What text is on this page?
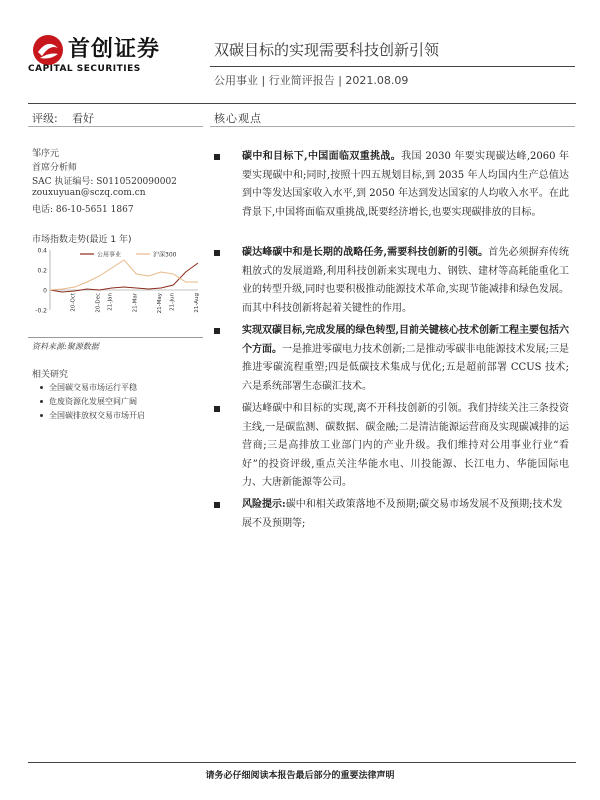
首创证券
CAPITAL SECURITIES
双碳目标的实现需要科技创新引领
公用事业 | 行业简评报告 | 2021.08.09
评级: 看好	核心观点
邹序元
首席分析师
SAC 执证编号: S0110520090002
zouxuyuan@sczq.com.cn
电话: 86-10-5651 1867
市场指数走势(最近 1 年)
0.4
0.2
0
-0.2	20-Oct	20-Dec 21-Jan	21-Mar	21-May 21-Jun	21-Aug
公用事业	沪深300
资料来源:聚源数据
相关研究
全国碳交易市场运行平稳
危废资源化发展空间广阔
全国碳排放权交易市场开启
碳中和目标下,中国面临双重挑战。我国 2030 年要实现碳达峰,2060 年要实现碳中和;同时,按照十四五规划目标,到 2035 年人均国内生产总值达到中等发达国家收入水平,到 2050 年达到发达国家的人均收入水平。在此背景下,中国将面临双重挑战,既要经济增长,也要实现碳排放的目标。
碳达峰碳中和是长期的战略任务,需要科技创新的引领。首先必须摒弃传统粗放式的发展道路,利用科技创新来实现电力、钢铁、建材等高耗能重化工业的转型升级,同时也要积极推动能源技术革命,实现节能减排和绿色发展。而其中科技创新将起着关键性的作用。
实现双碳目标,完成发展的绿色转型,目前关键核心技术创新工程主要包括六个方面。一是推进零碳电力技术创新;二是推动零碳非电能源技术发展;三是推进零碳流程重塑;四是低碳技术集成与优化;五是超前部署 CCUS 技术;六是系统部署生态碳汇技术。
碳达峰碳中和目标的实现,离不开科技创新的引领。我们持续关注三条投资主线,一是碳监测、碳数据、碳金融;二是清洁能源运营商及实现碳减排的运营商;三是高排放工业部门内的产业升级。我们维持对公用事业行业“看好”的投资评级,重点关注华能水电、川投能源、长江电力、华能国际电力、大唐新能源等公司。
风险提示:碳中和相关政策落地不及预期;碳交易市场发展不及预期;技术发展不及预期等;
请务必仔细阅读本报告最后部分的重要法律声明
